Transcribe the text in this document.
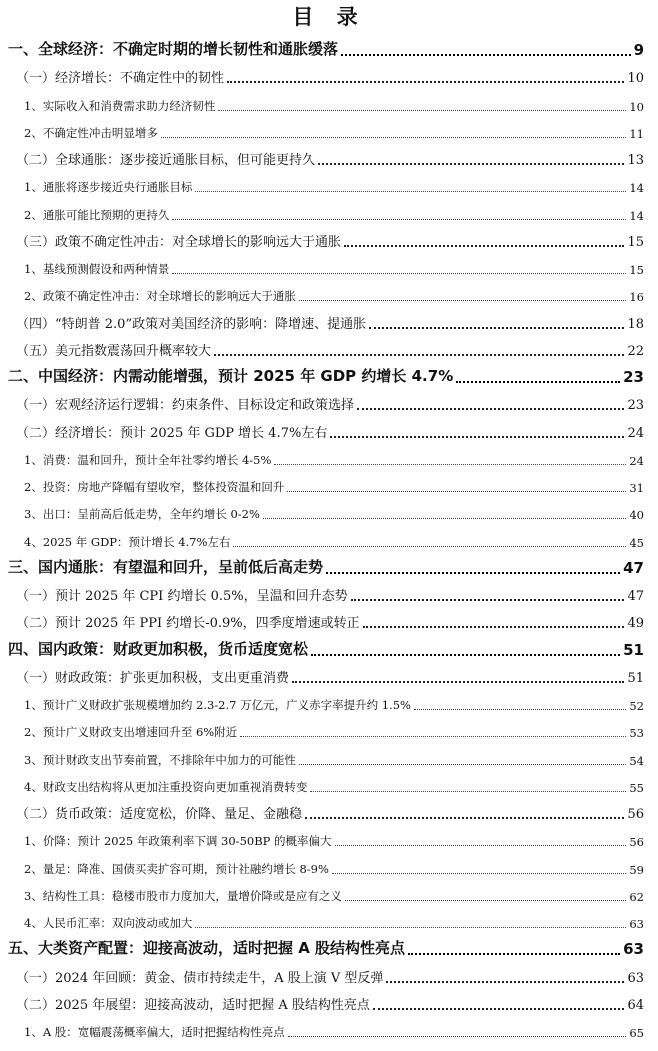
目 录
一、全球经济：不确定时期的增长韧性和通胀缓落	9
（一）经济增长：不确定性中的韧性	10
1、实际收入和消费需求助力经济韧性	10
2、不确定性冲击明显增多	11
（二）全球通胀：逐步接近通胀目标，但可能更持久	13
1、通胀将逐步接近央行通胀目标	14
2、通胀可能比预期的更持久	14
（三）政策不确定性冲击：对全球增长的影响远大于通胀	15
1、基线预测假设和两种情景	15
2、政策不确定性冲击：对全球增长的影响远大于通胀	16
（四）“特朗普 2.0”政策对美国经济的影响：降增速、提通胀	18
（五）美元指数震荡回升概率较大	22
二、中国经济：内需动能增强，预计 2025 年 GDP 约增长 4.7%	23
（一）宏观经济运行逻辑：约束条件、目标设定和政策选择	23
（二）经济增长：预计 2025 年 GDP 增长 4.7%左右	24
1、消费：温和回升，预计全年社零约增长 4-5%	24
2、投资：房地产降幅有望收窄，整体投资温和回升	31
3、出口：呈前高后低走势，全年约增长 0-2%	40
4、2025 年 GDP：预计增长 4.7%左右	45
三、国内通胀：有望温和回升，呈前低后高走势	47
（一）预计 2025 年 CPI 约增长 0.5%，呈温和回升态势	47
（二）预计 2025 年 PPI 约增长-0.9%，四季度增速或转正	49
四、国内政策：财政更加积极，货币适度宽松	51
（一）财政政策：扩张更加积极，支出更重消费	51
1、预计广义财政扩张规模增加约 2.3-2.7 万亿元，广义赤字率提升约 1.5%	52
2、预计广义财政支出增速回升至 6%附近	53
3、预计财政支出节奏前置，不排除年中加力的可能性	54
4、财政支出结构将从更加注重投资向更加重视消费转变	55
（二）货币政策：适度宽松，价降、量足、金融稳	56
1、价降：预计 2025 年政策利率下调 30-50BP 的概率偏大	56
2、量足：降准、国债买卖扩容可期，预计社融约增长 8-9%	59
3、结构性工具：稳楼市股市力度加大，量增价降或是应有之义	62
4、人民币汇率：双向波动或加大	63
五、大类资产配置：迎接高波动，适时把握 A 股结构性亮点	63
（一）2024 年回顾：黄金、债市持续走牛，A 股上演 V 型反弹	63
（二）2025 年展望：迎接高波动，适时把握 A 股结构性亮点	64
1、A 股：宽幅震荡概率偏大，适时把握结构性亮点	65
